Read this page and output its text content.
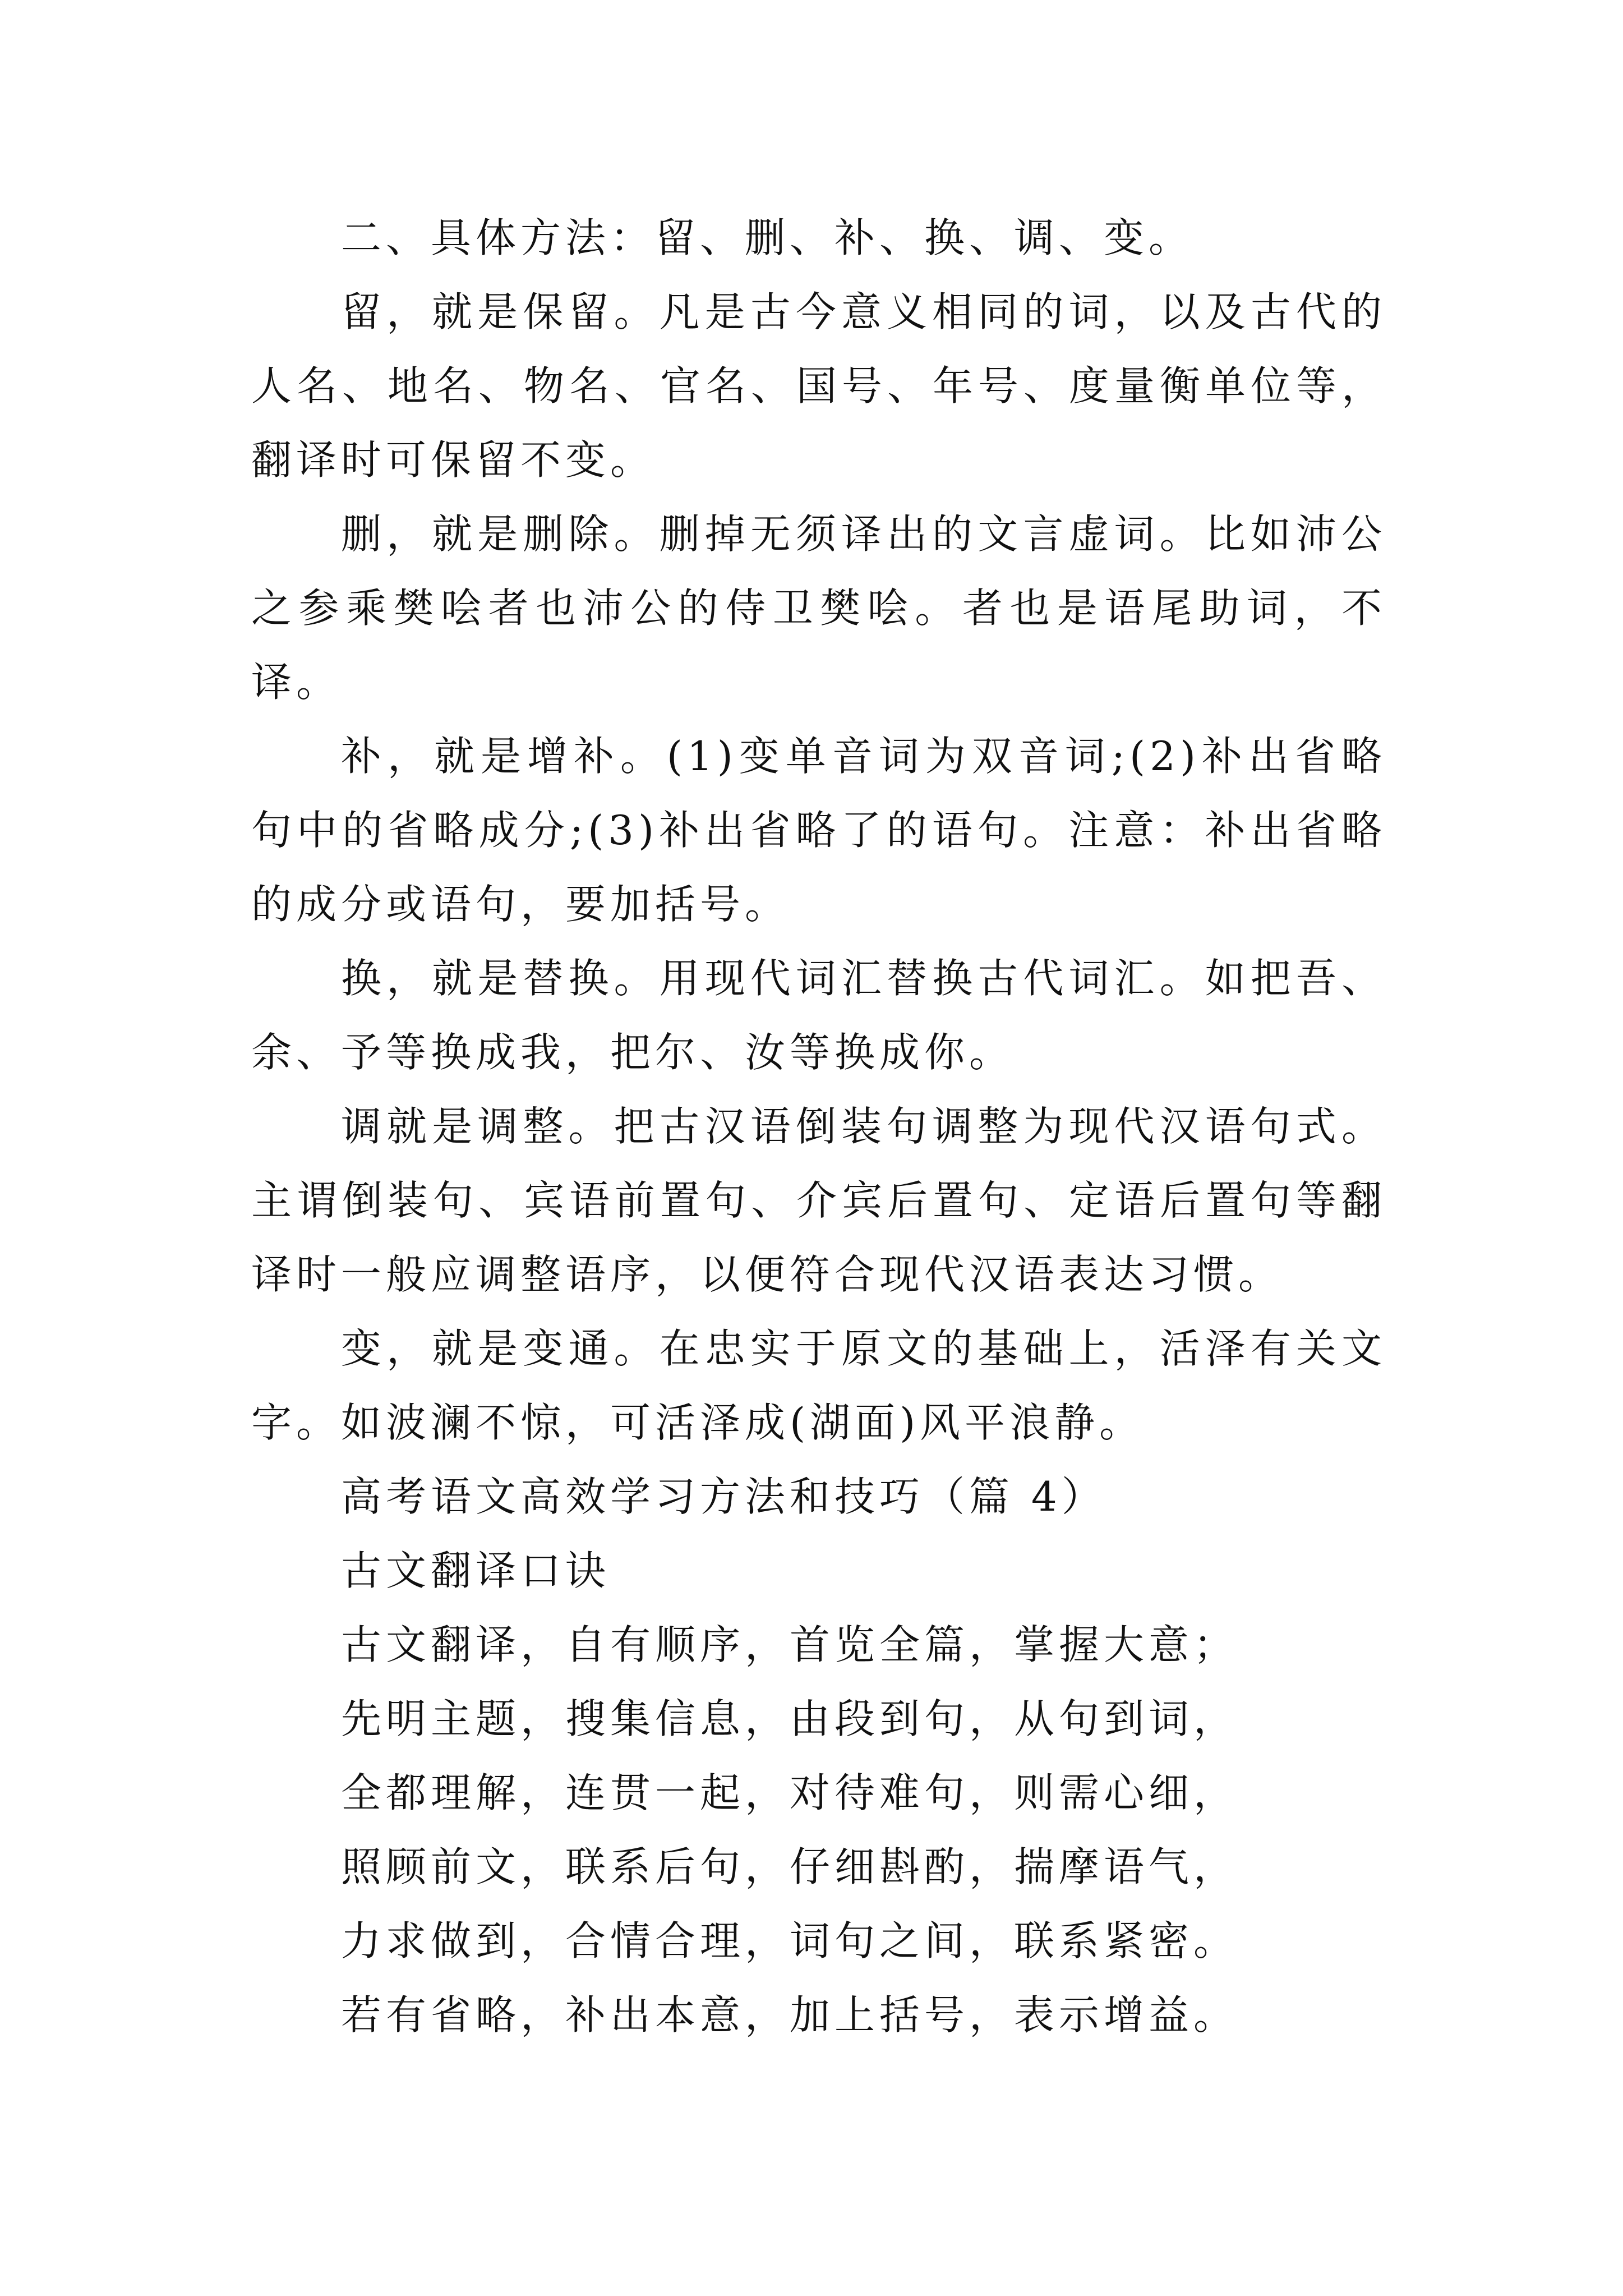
二、具体方法：留、删、补、换、调、变。

留，就是保留。凡是古今意义相同的词，以及古代的人名、地名、物名、官名、国号、年号、度量衡单位等，翻译时可保留不变。

删，就是删除。删掉无须译出的文言虚词。比如沛公之参乘樊哙者也沛公的侍卫樊哙。者也是语尾助词，不译。

补，就是增补。(1)变单音词为双音词;(2)补出省略句中的省略成分;(3)补出省略了的语句。注意：补出省略的成分或语句，要加括号。

换，就是替换。用现代词汇替换古代词汇。如把吾、余、予等换成我，把尔、汝等换成你。

调就是调整。把古汉语倒装句调整为现代汉语句式。主谓倒装句、宾语前置句、介宾后置句、定语后置句等翻译时一般应调整语序，以便符合现代汉语表达习惯。

变，就是变通。在忠实于原文的基础上，活泽有关文字。如波澜不惊，可活泽成(湖面)风平浪静。

高考语文高效学习方法和技巧（篇 4）

古文翻译口诀

古文翻译，自有顺序，首览全篇，掌握大意；

先明主题，搜集信息，由段到句，从句到词，

全都理解，连贯一起，对待难句，则需心细，

照顾前文，联系后句，仔细斟酌，揣摩语气，

力求做到，合情合理，词句之间，联系紧密。

若有省略，补出本意，加上括号，表示增益。
